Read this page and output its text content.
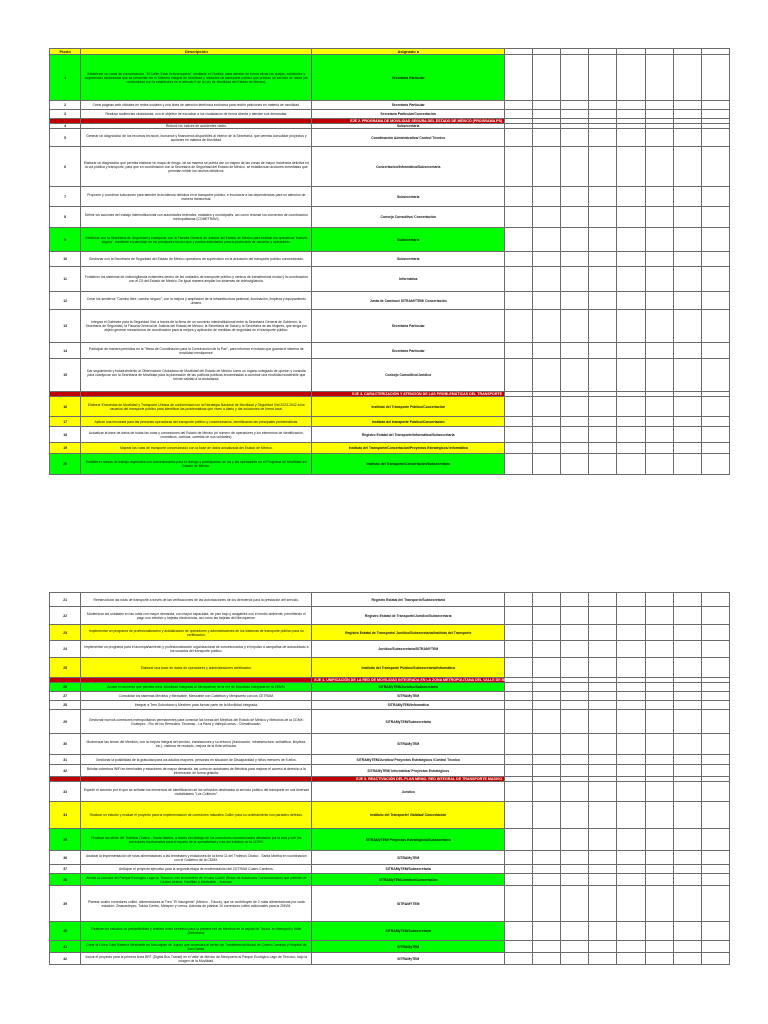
Punto	Descripción	Asignado a								
1	Establecer un canal de comunicación, "El Caller Estar Anticorrupción" mediante el Chatbot, para atender de forma eficaz las quejas, solicitudes y sugerencias ciudadanas que se presenten en el Sistema Integral de Movilidad y unidades de transporte público que prestan un servicio de datos (de conformidad con la establecida en el artículo 9 de la Ley de Movilidad del Estado de México).	Secretaría Particular								
2	Crear páginas web oficiales en redes sociales y una línea de atención telefónica exclusiva para recibir peticiones en materia de movilidad.	Secretaría Particular								
3	Realizar audiencias ciudadanas, con el objetivo de escuchar a los ciudadanos de forma directa y atender sus demandas.	Secretaría Particular/Concertación								
		EJE 2. PROGRAMA DE MOVILIDAD SEGURA DEL ESTADO DE MÉXICO (PROGRAMA PS)								
4	Reducir los índices de accidentes viales.	Subsecretaría								
5	Generar un diagnóstico de los recursos técnicos, humanos y financieros disponibles al interior de la Secretaría, que permita consolidar proyectos y acciones en materia de Movilidad.	Coordinación Administrativa/ Control Técnico								
6	Elaborar un diagnóstico que permita elaborar un mapa de riesgo, de tal manera se pueda dar un mapeo de las zonas de mayor incidencia delictiva en la vía pública y transporte, para que en coordinación con la Secretaría de Seguridad del Estado de México, se establezcan acciones inmediatas que permitan inhibir los hechos delictivos.	Concertación/Informática/Subsecretaría								
7	Proponer y coordinar soluciones para atender la incidencia delictiva en el transporte público, e involucrar a las dependencias para su atención de manera transversal.	Subsecretaría								
8	Definir los acciones del trabajo interinstitucional con autoridades federales, estatales y municipales, así como retomar los convenios de coordinación metropolitanas (COMETRAVI).	Consejo Consultivo/ Concertación								
9	Gestionar con la Secretaría de Seguridad y coadyuvar con la Fiscalía General de Justicia del Estado de México para realizar los operativos "transito seguro", mediante el patrullaje en los principales focos rojos y puntos detectados para la protección de usuarios y operadores.	Subsecretaría								
10	Gestionar con la Secretaría de Seguridad del Estado de México operativos de supervisión en la actuación del transporte público concesionado.	Subsecretaría								
11	Fortalecer los sistemas de videovigilancia existentes dentro de las unidades de transporte público y centros de transferencia modal y la coordinación con el C5 del Estado de México. De igual manera ampliar los sistemas de videovigilancia.	Informática								
12	Crear los senderos "Camino libre, camino seguro", con la mejora y ampliación de la infraestructura peatonal, iluminación, limpieza y equipamiento urbano.	Junta de Caminos/ SITRAMYTEM/ Concertación								
13	Integrar el Gabinete para la Seguridad Vial, a través de la firma de un convenio interinstitucional entre la Secretaría General de Gobierno, la Secretaría de Seguridad, la Fiscalía General de Justicia del Estado de México, la Secretaría de Salud y la Secretaría de las Mujeres, que tenga por objeto generar mecanismos de coordinación para la mejora y aplicación de medidas de seguridad en el transporte público.	Secretaría Particular								
14	Participar de manera periódica en la "Mesa de Coordinación para la Construcción de la Paz", para informar el estado que guarda el sistema de movilidad mexiquense.	Secretaría Particular								
15	Dar seguimiento y fortalecimiento al Observatorio Ciudadano de Movilidad del Estado de México como un órgano colegiado de opinión y consulta para coadyuvar con la Secretaría de Movilidad para la planeación de las políticas públicas encaminadas a construir una movilidad sostenible que brinde calidad a la ciudadanía.	Consejo Consultivo/Jurídico								
		EJE 3. CARACTERIZACIÓN Y ATENCIÓN DE LAS PROBLEMÁTICAS DEL TRANSPORTE								
16	Elaborar Encuestas de Movilidad y Transporte Urbana de conformidad con la Estrategia Nacional de Movilidad y Seguridad Vial 2023-2042 a los usuarios del transporte público para identificar las problemáticas que viven a diario y dar soluciones de forma local.	Instituto del Transporte Público/Concertación								
17	Aplicar una encuesta para las personas operadoras del transporte público y concesionarios, identificando las principales problemáticas.	Instituto del transporte Público/Concertación								
18	Actualizar la base de datos de todas las rutas y concesiones del Estado de México (el número de operadores y los elementos de identificación, cromáticos, cortinas, carretas de sus unidades).	Registro Estatal del Transporte/Informática/Subsecretaría								
19	Mapear las rutas de transporte concesionado con la base de datos actualizada del Estado de México.	Instituto del Transporte/Concertación/Proyectos Estratégicos/ Informática								
20	Establecer mesas de trabajo regionales con concesionarios para el diálogo y participación de los y las operadores en el Programa de Movilidad del Estado de México.	Instituto del Transporte/Concertación/Subsecretaría								
21	Reestructurar las rutas de transporte a través de las verificaciones de las autorizaciones de los derroteros para la prestación del servicio.	Registro Estatal del Transporte/Subsecretaría								
22	Modernizar las unidades en las rutas con mayor demanda, con mayor capacidad, de piso bajo y amigables con el medio ambiente, permitiendo el pago con efectivo y tarjetas electrónicas, así como las tarjetas del Mexiquense.	Registro Estatal de Transporte/Jurídico/Subsecretaría								
23	Implementar un programa de profesionalización y actualización de operadores y administradores de los sistemas de transporte público para su certificación.	Registro Estatal de Transporte/ Jurídico/Subsecretaría/Instituto del Transporte								
24	Implementar un programa para el acompañamiento y profesionalización organizacional de concesionarios y el impulso a campañas de autocuidado a los usuarios del transporte público.	Jurídico/Subsecretaría/SITRAMYTEM								
25	Elaborar una base de datos de operadores y administradores certificados.	Instituto del Transporte Público/Subsecretaría/Informática								
		EJE 4. UNIFICACIÓN DE LA RED DE MOVILIDAD INTEGRADA EN LA ZONA METROPOLITANA DEL VALLE DE MÉXICO. (UNIFICANDO RUMBO)								
26	Anotar el convenio que permita crear Movilidad Integrada al Mexiquense de la red de Movilidad Integrada en la ZMVM.	SITRAMyTEM/Jurídico/Subsecretaría								
27	Consolidar los sistemas Mexibús y Mexicable, Mexicable con Cablebús y Mexipuerto con los CETRAM.	SITRAMyTEM								
28	Integrar a Tren Suburbano y Mexitren para formar parte de la Movilidad Integrada.	SITRAMyTEM/Informática								
29	Gestionar nuevos corredores metropolitanos permanentes para conectar las líneas del Mexibús del Estado de México y Metrobús de la CDMX: Ecatepec - Río de los Remedios, Tecamac - La Raza y Vallejo/Lomas - Chimalhuacán.	SITRAMyTEM/Subsecretaría								
30	Modernizar las líneas del Mexibús, con la mejora integral del servicio, instalaciones y su entorno (iluminación, infraestructura, señalética, limpieza, etc.), sistema de recaudo, mejora de la flota vehicular.	SITRAMyTEM								
31	Gestionar la posibilidad de la gratuidad para los adultos mayores, personas en situación de Discapacidad y niños menores de 5 años.	SITRAMyTEM/Jurídico/ Proyectos Estratégicos /Control Técnico								
32	Brindar cobertura WiFi en terminales y estaciones de mayor demanda, así como en autobuses de Mexibús para mejorar el acceso al derecho a la información de forma gratuita.	SITRAMyTEM/ Informática/ Proyectos Estratégicos								
		EJE 5. REACTIVACIÓN DEL PLAN MEMO. RED INTEGRAL DE TRANSPORTE MASIVO								
33	Expedir el acuerdo por el que se señalan los elementos de identificación de los vehículos destinados al servicio público del transporte en sus diversas modalidades "Los Colibríes".	Jurídico								
34	Realizar un estudio y evaluar el proyecto para la implementación de corredores naturales Colibrí para su ordenamiento con paradero definido.	Instituto del Transporte/ Vialidad/ Concertación								
35	Finalizar las obras del Trolebús Chalco - Santa Martha, a través del diálogo de los corredores concesionados afectados por la ruta y con los corredores involucrados para el reparto de la operatividad y ruta del trolebús de la CDMX.	SITRAMyTEM/ Proyectos Estratégicos/Subsecretaría								
36	Analizar la implementación de rutas alimentadoras a las terminales y estaciones de la línea 11 del Trolebús Chalco - Santa Martha en coordinación con el Gobierno de la CDMX.	SITRAMyTEM								
37	Anticipar el proyecto ejecutivo para la segunda etapa de modernización del CETRAM Cuatro Caminos.	SITRAMyTEM/Subsecretaría								
38	Anotar la Licencia del Parque Ecológico Lago de Texcoco, con la conexión de 3 rutas Colibrí (Rutas de Autobuses Concesionados) que partirán de Ciudad Azteca, Pantitlán y Mexicable - Texcoco.	SITRAMyTEM/Jurídico/Concertación								
39	Planear cuatro corredores colibrí, alimentadores al Tren "El Insurgente" (México - Toluca), que se contribuyen de 2 rutas alimentadoras por cada estación: Zinacantepec, Toluca Centro, Metepec y Lerma. Además de planear 10 corredores colibrí adicionales para la ZMVM.	SITRAMYTEM								
40	Realizar los estudios de prefactibilidad y análisis costo beneficio para la primera red de Mexibús en la capital de Toluca, en Metropoli y Valle (Metrotoro).	SITRAMyTEM/Subsecretaría								
41	Crear la Línea 3 del Sistema Mexicable en Naucalpan de Juárez que conectará al centro de Transferencia Modal de Cuatro Caminos y Hospital de San Rafael.	SITRAMyTEM								
42	Incluir el proyecto para la primera línea BRT (Digital Bus Transit) en el Valle de México de Mexipuerto al Parque Ecológico Lago de Texcoco, bajo la imagen de la Movilidad.	SITRAMyTEM								
